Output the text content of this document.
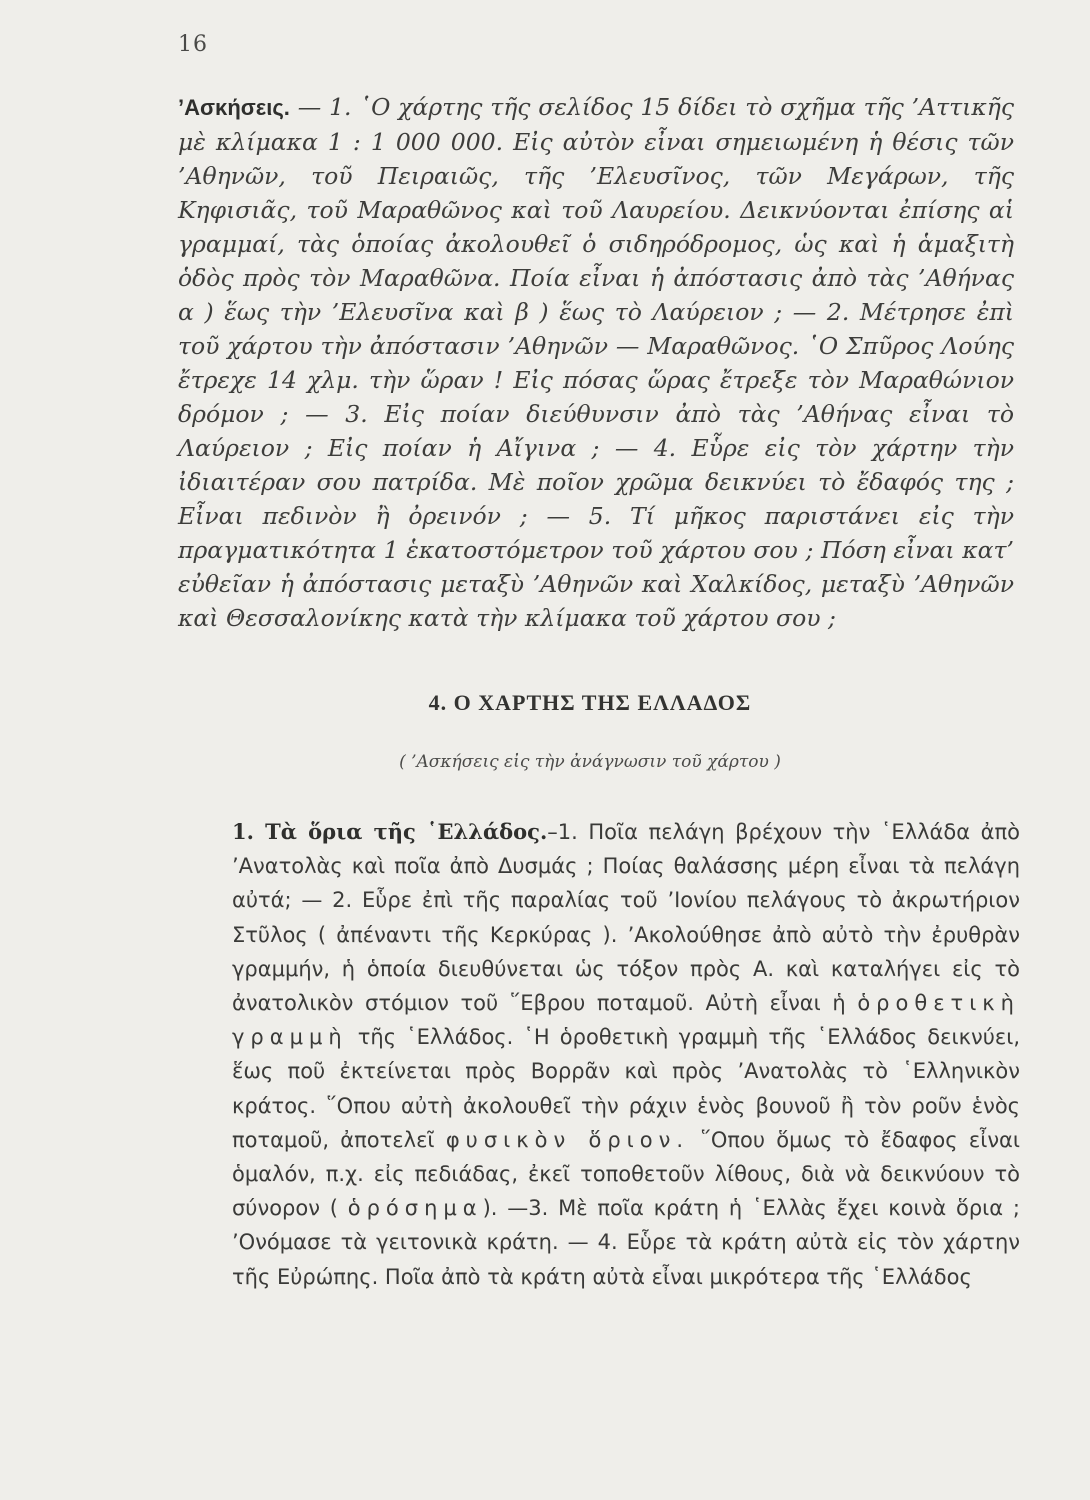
16

’Ασκήσεις. — 1. ῾Ο χάρτης τῆς σελίδος 15 δίδει τὸ σχῆμα τῆς ’Αττικῆς μὲ κλίμακα 1 : 1 000 000. Εἰς αὐτὸν εἶναι σημειωμένη ἡ θέσις τῶν ’Αθηνῶν, τοῦ Πειραιῶς, τῆς ’Ελευσῖνος, τῶν Μεγάρων, τῆς Κηφισιᾶς, τοῦ Μαραθῶνος καὶ τοῦ Λαυρείου. Δεικνύονται ἐπίσης αἱ γραμμαί, τὰς ὁποίας ἀκολουθεῖ ὁ σιδηρόδρομος, ὡς καὶ ἡ ἁμαξιτὴ ὁδὸς πρὸς τὸν Μαραθῶνα. Ποία εἶναι ἡ ἀπόστασις ἀπὸ τὰς ’Αθήνας α ) ἕως τὴν ’Ελευσῖνα καὶ β ) ἕως τὸ Λαύρειον ; — 2. Μέτρησε ἐπὶ τοῦ χάρτου τὴν ἀπόστασιν ’Αθηνῶν — Μαραθῶνος. ῾Ο Σπῦρος Λούης ἔτρεχε 14 χλμ. τὴν ὥραν ! Εἰς πόσας ὥρας ἔτρεξε τὸν Μαραθώνιον δρόμον ; — 3. Εἰς ποίαν διεύθυνσιν ἀπὸ τὰς ’Αθήνας εἶναι τὸ Λαύρειον ; Εἰς ποίαν ἡ Αἴγινα ; — 4. Εὗρε εἰς τὸν χάρτην τὴν ἰδιαιτέραν σου πατρίδα. Μὲ ποῖον χρῶμα δεικνύει τὸ ἔδαφός της ; Εἶναι πεδινὸν ἢ ὀρεινόν ; — 5. Τί μῆκος παριστάνει εἰς τὴν πραγματικότητα 1 ἑκατοστόμετρον τοῦ χάρτου σου ; Πόση εἶναι κατ’ εὐθεῖαν ἡ ἀπόστασις μεταξὺ ’Αθηνῶν καὶ Χαλκίδος, μεταξὺ ’Αθηνῶν καὶ Θεσσαλονίκης κατὰ τὴν κλίμακα τοῦ χάρτου σου ;

4. Ο ΧΑΡΤΗΣ ΤΗΣ ΕΛΛΑΔΟΣ
( ’Ασκήσεις εἰς τὴν ἀνάγνωσιν τοῦ χάρτου )

1. Τὰ ὅρια τῆς ῾Ελλάδος.–1. Ποῖα πελάγη βρέχουν τὴν ῾Ελλάδα ἀπὸ ’Ανατολὰς καὶ ποῖα ἀπὸ Δυσμάς ; Ποίας θαλάσσης μέρη εἶναι τὰ πελάγη αὐτά; — 2. Εὗρε ἐπὶ τῆς παραλίας τοῦ ’Ιονίου πελάγους τὸ ἀκρωτήριον Στῦλος ( ἀπέναντι τῆς Κερκύρας ). ’Ακολούθησε ἀπὸ αὐτὸ τὴν ἐρυθρὰν γραμμήν, ἡ ὁποία διευθύνεται ὡς τόξον πρὸς Α. καὶ καταλήγει εἰς τὸ ἀνατολικὸν στόμιον τοῦ ῞Εβρου ποταμοῦ. Αὐτὴ εἶναι ἡ ὁροθετικὴ γραμμὴ τῆς ῾Ελλάδος. ῾Η ὁροθετικὴ γραμμὴ τῆς ῾Ελλάδος δεικνύει, ἕως ποῦ ἐκτείνεται πρὸς Βορρᾶν καὶ πρὸς ’Ανατολὰς τὸ ῾Ελληνικὸν κράτος. ῞Οπου αὐτὴ ἀκολουθεῖ τὴν ράχιν ἑνὸς βουνοῦ ἢ τὸν ροῦν ἑνὸς ποταμοῦ, ἀποτελεῖ φυσικὸν ὅριον. ῞Οπου ὅμως τὸ ἔδαφος εἶναι ὁμαλόν, π.χ. εἰς πεδιάδας, ἐκεῖ τοποθετοῦν λίθους, διὰ νὰ δεικνύουν τὸ σύνορον ( ὁρόσημα). —3. Μὲ ποῖα κράτη ἡ ῾Ελλὰς ἔχει κοινὰ ὅρια ; ’Ονόμασε τὰ γειτονικὰ κράτη. — 4. Εὗρε τὰ κράτη αὐτὰ εἰς τὸν χάρτην τῆς Εὐρώπης. Ποῖα ἀπὸ τὰ κράτη αὐτὰ εἶναι μικρότερα τῆς ῾Ελλάδος
